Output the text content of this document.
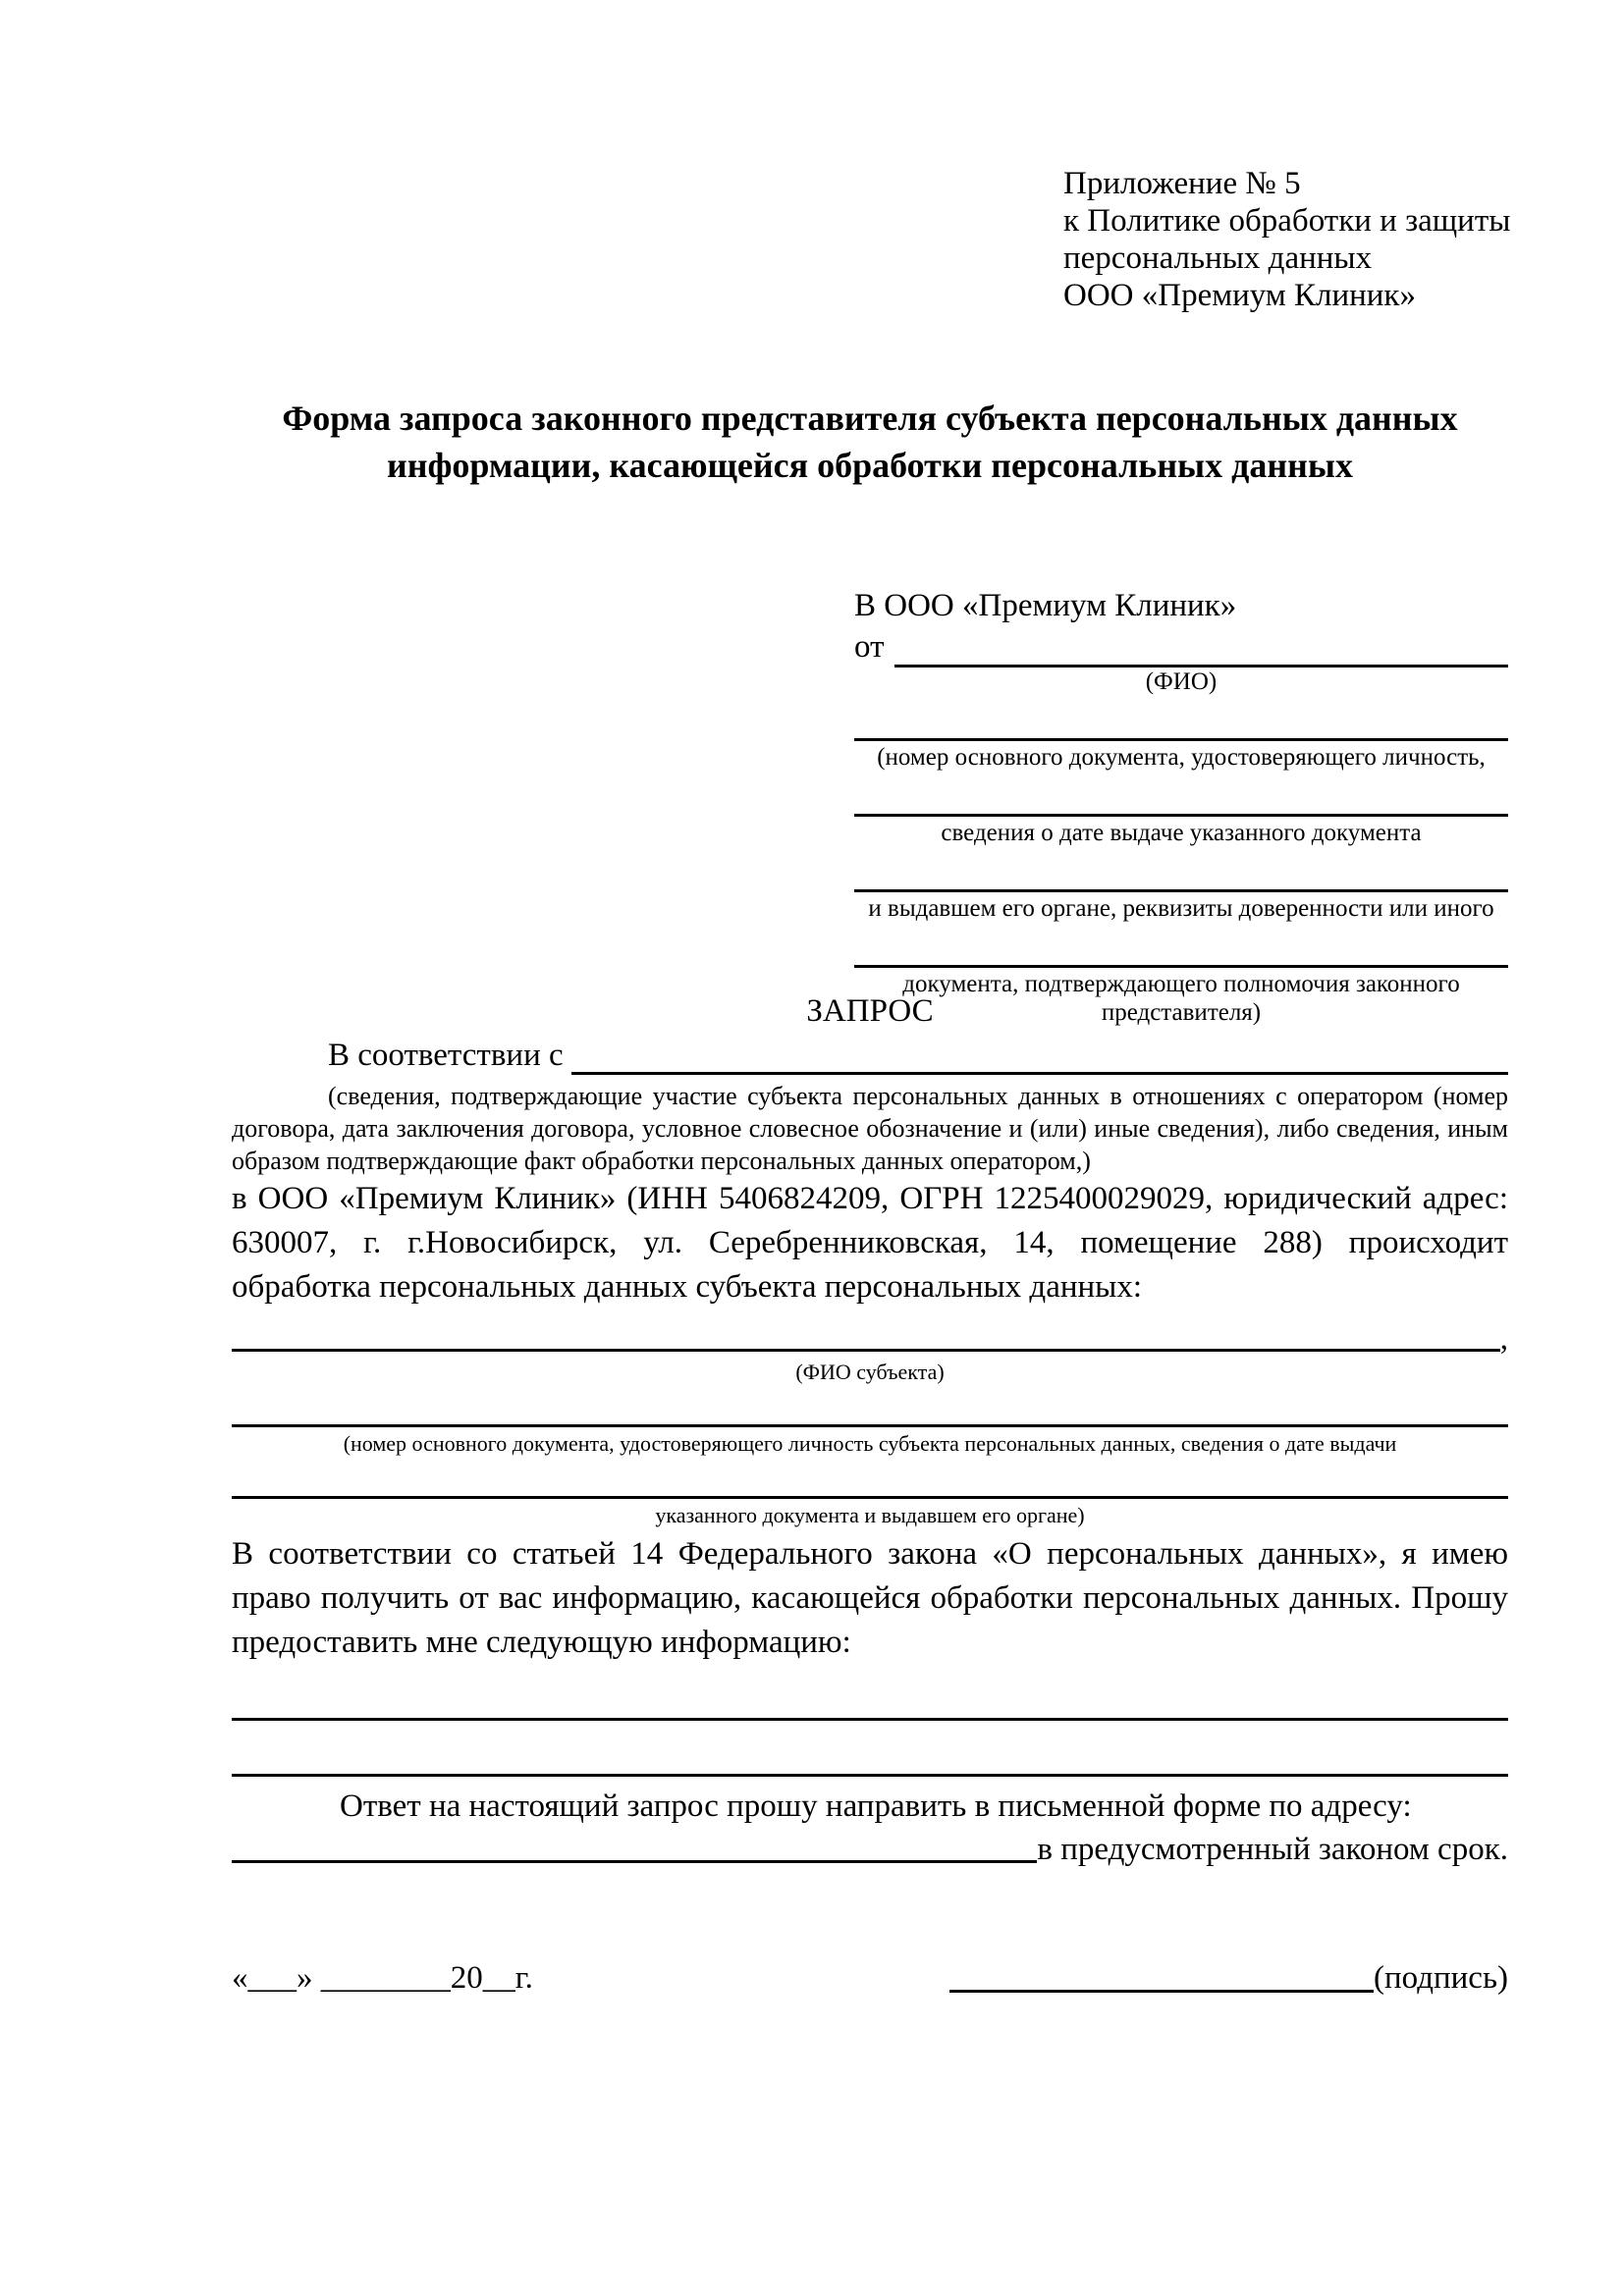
Приложение № 5
к Политике обработки и защиты
персональных данных
ООО «Премиум Клиник»
Форма запроса законного представителя субъекта персональных данных
информации, касающейся обработки персональных данных
В ООО «Премиум Клиник»
от
(ФИО)
(номер основного документа, удостоверяющего личность,
сведения о дате выдаче указанного документа
и выдавшем его органе, реквизиты доверенности или иного
документа, подтверждающего полномочия законного представителя)

ЗАПРОС

В соответствии с

(сведения, подтверждающие участие субъекта персональных данных в отношениях с оператором (номер договора, дата заключения договора, условное словесное обозначение и (или) иные сведения), либо сведения, иным образом подтверждающие факт обработки персональных данных оператором,)

в ООО «Премиум Клиник» (ИНН 5406824209, ОГРН 1225400029029, юридический адрес: 630007, г. г.Новосибирск, ул. Серебренниковская, 14, помещение 288) происходит обработка персональных данных субъекта персональных данных:

,
(ФИО субъекта)
(номер основного документа, удостоверяющего личность субъекта персональных данных, сведения о дате выдачи
указанного документа и выдавшем его органе)

В соответствии со статьей 14 Федерального закона «О персональных данных», я имею право получить от вас информацию, касающейся обработки персональных данных. Прошу предоставить мне следующую информацию:

Ответ на настоящий запрос прошу направить в письменной форме по адресу:

в предусмотренный законом срок.
«___» ________20__г.	(подпись)
